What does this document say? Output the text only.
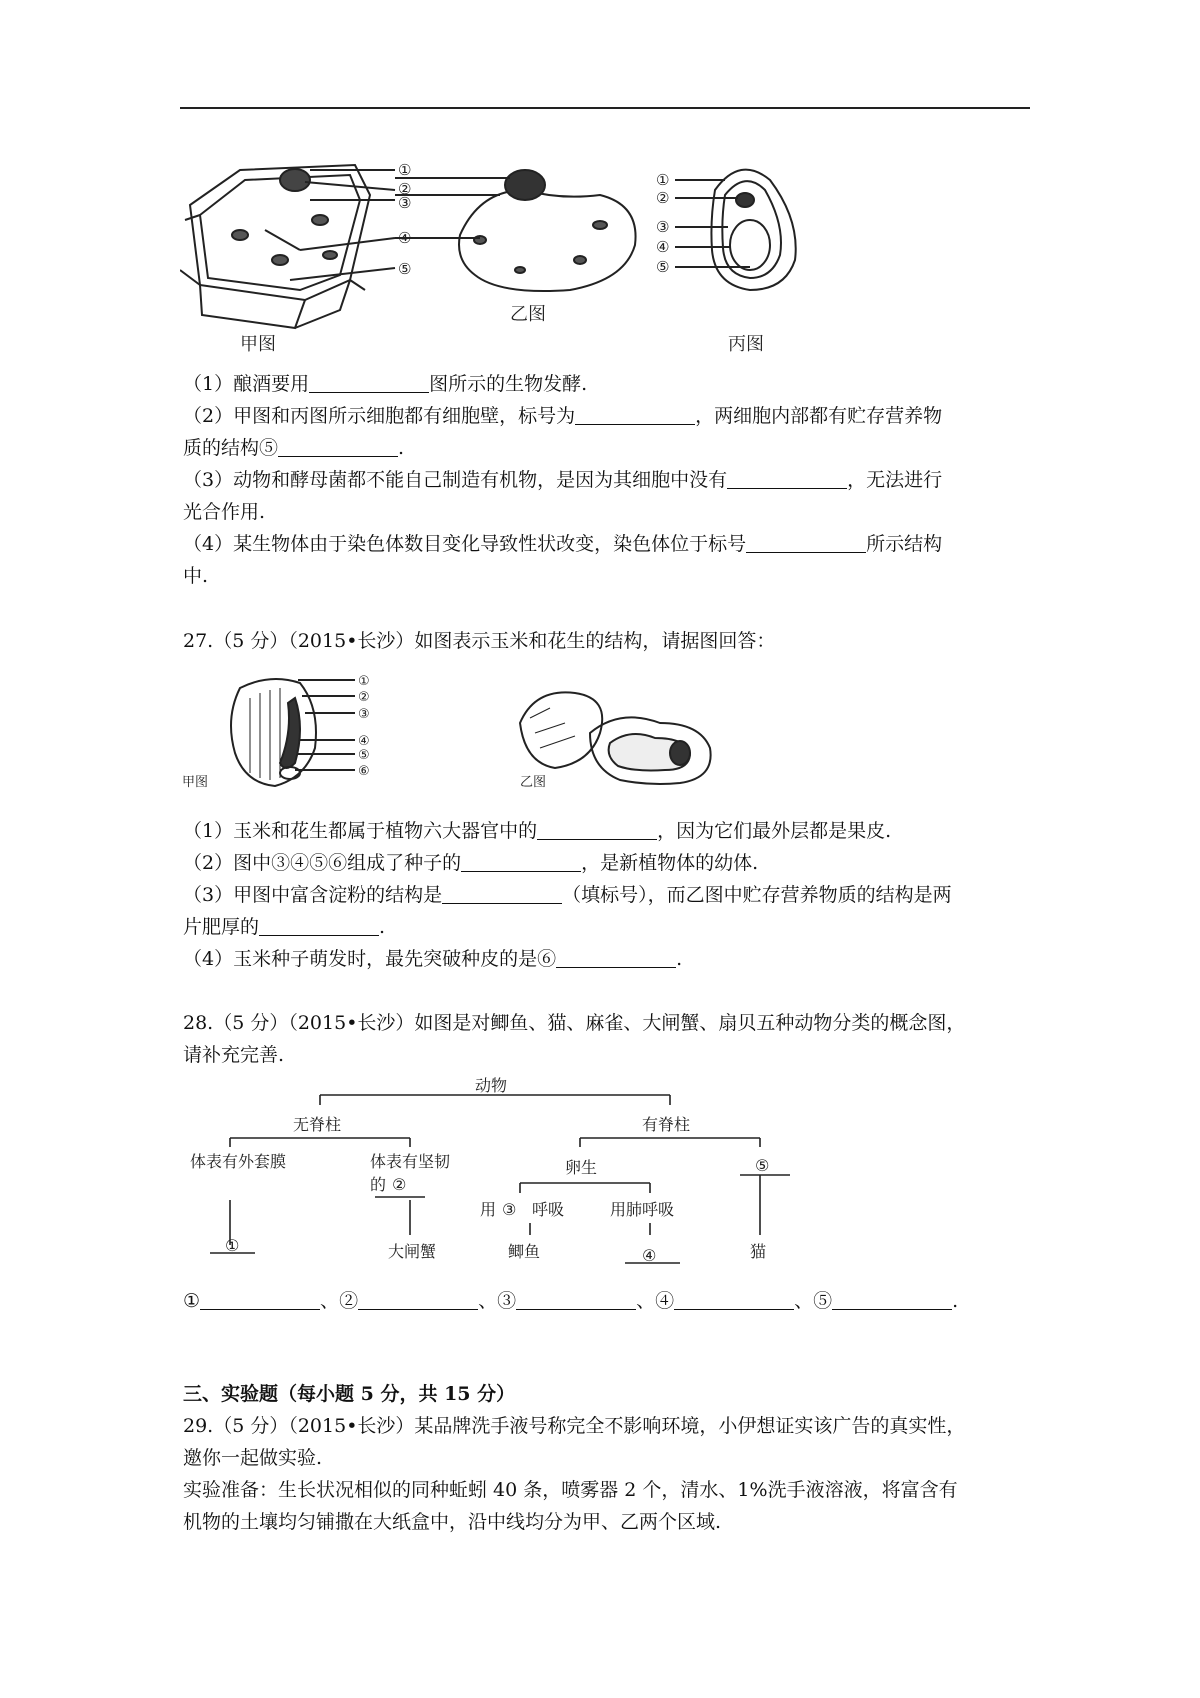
①
②
③
④
⑤
甲图
乙图
①
②
③
④
⑤
丙图
（1）酿酒要用	图所示的生物发酵.
（2）甲图和丙图所示细胞都有细胞壁，标号为	，两细胞内部都有贮存营养物
质的结构⑤	.
（3）动物和酵母菌都不能自己制造有机物，是因为其细胞中没有	，无法进行
光合作用.
（4）某生物体由于染色体数目变化导致性状改变，染色体位于标号	所示结构
中.
27.（5 分）（2015•长沙）如图表示玉米和花生的结构，请据图回答：
①
②
③
④
⑤
⑥
甲图	乙图
（1）玉米和花生都属于植物六大器官中的	，因为它们最外层都是果皮.
（2）图中③④⑤⑥组成了种子的	，是新植物体的幼体.
（3）甲图中富含淀粉的结构是	（填标号），而乙图中贮存营养物质的结构是两
片肥厚的	.
（4）玉米种子萌发时，最先突破种皮的是⑥	.
28.（5 分）（2015•长沙）如图是对鲫鱼、猫、麻雀、大闸蟹、扇贝五种动物分类的概念图，
请补充完善.
动物
无脊柱	有脊柱
体表有外套膜	体表有坚韧
的 ②
①	大闸蟹
卵生	⑤
用 ③ 呼吸	用肺呼吸
鲫鱼	④	猫
①	、②	、③	、④	、⑤	.
三、实验题（每小题 5 分，共 15 分）
29.（5 分）（2015•长沙）某品牌洗手液号称完全不影响环境，小伊想证实该广告的真实性，
邀你一起做实验.
实验准备：生长状况相似的同种蚯蚓 40 条，喷雾器 2 个，清水、1%洗手液溶液，将富含有
机物的土壤均匀铺撒在大纸盒中，沿中线均分为甲、乙两个区域.
